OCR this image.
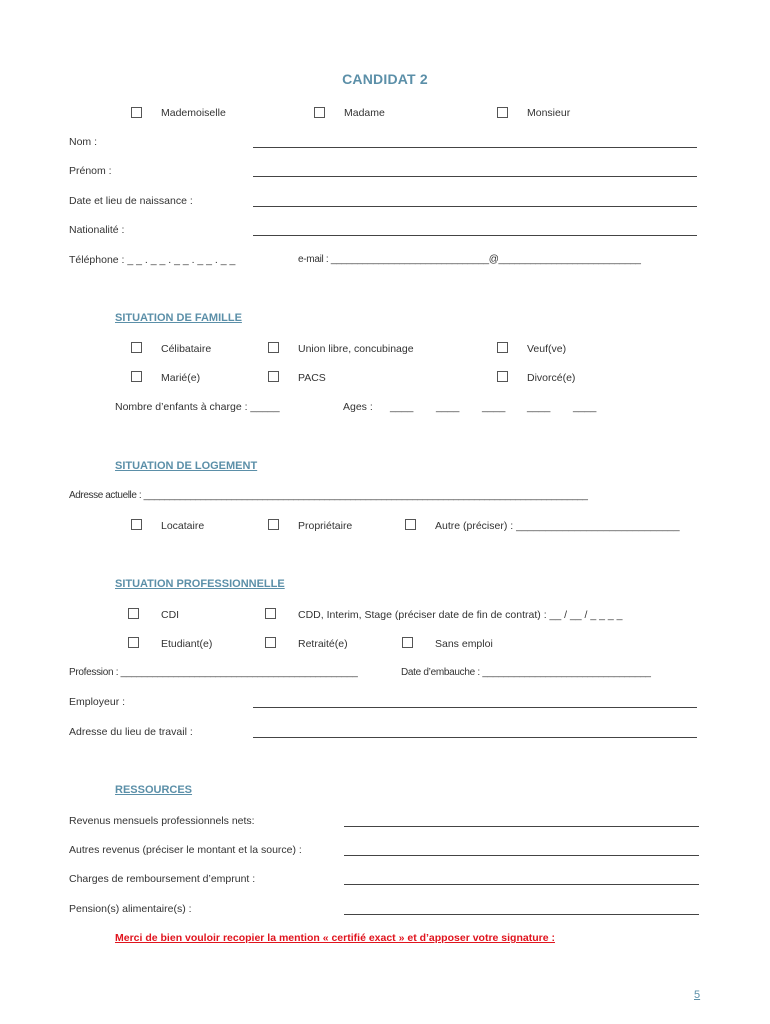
CANDIDAT 2
Mademoiselle	Madame	Monsieur
Nom :
Prénom :
Date et lieu de naissance :
Nationalité :
Téléphone : _ _ . _ _ . _ _ . _ _ . _ _	e-mail : ______________________________@___________________________
SITUATION DE FAMILLE
Célibataire	Union libre, concubinage	Veuf(ve)
Marié(e)	PACS	Divorcé(e)
Nombre d’enfants à charge : _____	Ages : ____ ____ ____ ____ ____
SITUATION DE LOGEMENT
Adresse actuelle : ______________________________________________________________________________________
Locataire	Propriétaire	Autre (préciser) : ____________________________
SITUATION PROFESSIONNELLE
CDI	CDD, Interim, Stage (préciser date de fin de contrat) : __ / __ / _ _ _ _
Etudiant(e)	Retraité(e)	Sans emploi
Profession : _____________________________________________	Date d’embauche : ________________________________
Employeur :
Adresse du lieu de travail :
RESSOURCES
Revenus mensuels professionnels nets:
Autres revenus (préciser le montant et la source) :
Charges de remboursement d’emprunt :
Pension(s) alimentaire(s) :
Merci de bien vouloir recopier la mention « certifié exact » et d’apposer votre signature :
5
